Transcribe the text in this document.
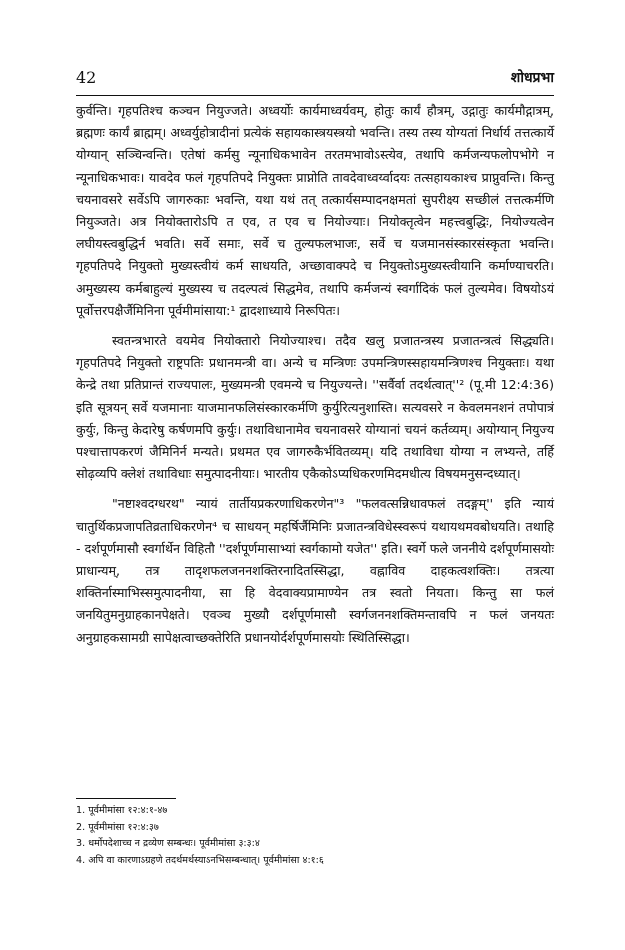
42	शोधप्रभा

कुर्वन्ति। गृहपतिश्च कञ्चन नियुज्जते। अध्वर्योः कार्यमाध्वर्यवम्, होतुः कार्यं हौत्रम्, उद्गातुः कार्यमौद्गात्रम्, ब्रह्मणः कार्यं ब्राह्मम्। अध्वर्युहोत्रादीनां प्रत्येकं सहायकास्त्रयस्त्रयो भवन्ति। तस्य तस्य योग्यतां निर्धार्य तत्तत्कार्ये योग्यान् सञ्चिन्वन्ति। एतेषां कर्मसु न्यूनाधिकभावेन तरतमभावोऽस्त्येव, तथापि कर्मजन्यफलोपभोगे न न्यूनाधिकभावः। यावदेव फलं गृहपतिपदे नियुक्तः प्राप्नोति तावदेवाध्वर्य्वादयः तत्सहायकाश्च प्राप्नुवन्ति। किन्तु चयनावसरे सर्वेऽपि जागरुकाः भवन्ति, यथा यथं तत् तत्कार्यसम्पादनक्षमतां सुपरीक्ष्य सच्छीलं तत्तत्कर्मणि नियुञ्जते। अत्र नियोक्तारोऽपि त एव, त एव च नियोज्याः। नियोक्तृत्वेन महत्त्वबुद्धिः, नियोज्यत्वेन लघीयस्त्वबुद्धिर्न भवति। सर्वे समाः, सर्वे च तुल्यफलभाजः, सर्वे च यजमानसंस्कारसंस्कृता भवन्ति। गृहपतिपदे नियुक्तो मुख्यस्त्वीयं कर्म साधयति, अच्छावाक्पदे च नियुक्तोऽमुख्यस्त्वीयानि कर्माण्याचरति। अमुख्यस्य कर्मबाहुल्यं मुख्यस्य च तदल्पत्वं सिद्धमेव, तथापि कर्मजन्यं स्वर्गादिकं फलं तुल्यमेव। विषयोऽयं पूर्वोत्तरपक्षैर्जैमिनिना पूर्वमीमांसाया:¹ द्वादशाध्याये निरूपितः।

स्वतन्त्रभारते वयमेव नियोक्तारो नियोज्याश्च। तदैव खलु प्रजातन्त्रस्य प्रजातन्त्रत्वं सिद्ध्यति। गृहपतिपदे नियुक्तो राष्ट्रपतिः प्रधानमन्त्री वा। अन्ये च मन्त्रिणः उपमन्त्रिणस्सहायमन्त्रिणश्च नियुक्ताः। यथा केन्द्रे तथा प्रतिप्रान्तं राज्यपालः, मुख्यमन्त्री एवमन्ये च नियुज्यन्ते। ''सर्वैर्वा तदर्थत्वात्''² (पू.मी 12:4:36) इति सूत्रयन् सर्वे यजमानाः याजमानफलिसंस्कारकर्मणि कुर्युरित्यनुशास्ति। सत्यवसरे न केवलमनशनं तपोपात्रं कुर्युः, किन्तु केदारेषु कर्षणमपि कुर्युः। तथाविधानामेव चयनावसरे योग्यानां चयनं कर्तव्यम्। अयोग्यान् नियुज्य पश्चात्तापकरणं जैमिनिर्न मन्यते। प्रथमत एव जागरुकैर्भवितव्यम्। यदि तथाविधा योग्या न लभ्यन्ते, तर्हि सोढ़व्यपि क्लेशं तथाविधाः समुत्पादनीयाः। भारतीय एकैकोऽप्यधिकरणमिदमधीत्य विषयमनुसन्दध्यात्।

"नष्टाश्वदग्धरथ" न्यायं तार्तीयप्रकरणाधिकरणेन"³ "फलवत्सन्निधावफलं तदङ्गम्'' इति न्यायं चातुर्थिकप्रजापतिव्रताधिकरणेन⁴ च साधयन् महर्षिर्जैमिनिः प्रजातन्त्रविधेस्स्वरूपं यथायथमवबोधयति। तथाहि - दर्शपूर्णमासौ स्वर्गार्थेन विहितौ ''दर्शपूर्णमासाभ्यां स्वर्गकामो यजेत'' इति। स्वर्गे फले जननीये दर्शपूर्णमासयोः प्राधान्यम्, तत्र तादृशफलजननशक्तिरनादितस्सिद्धा, वह्नाविव दाहकत्वशक्तिः। तत्रत्या शक्तिर्नास्माभिस्समुत्पादनीया, सा हि वेदवाक्यप्रामाण्येन तत्र स्वतो नियता। किन्तु सा फलं जनयितुमनुग्राहकानपेक्षते। एवञ्च मुख्यौ दर्शपूर्णमासौ स्वर्गजननशक्तिमन्तावपि न फलं जनयतः अनुग्राहकसामग्री सापेक्षत्वाच्छक्तेरिति प्रधानयोर्दर्शपूर्णमासयोः स्थितिस्सिद्धा।

1. पूर्वमीमांसा १२:४:१-४७
2. पूर्वमीमांसा १२:४:३७
3. धर्मोपदेशाच्च न द्रव्येण सम्बन्धः। पूर्वमीमांसा ३:३:४
4. अपि वा कारणाऽग्रहणे तदर्थमर्थस्याऽनभिसम्बन्धात्। पूर्वमीमांसा ४:१:६
